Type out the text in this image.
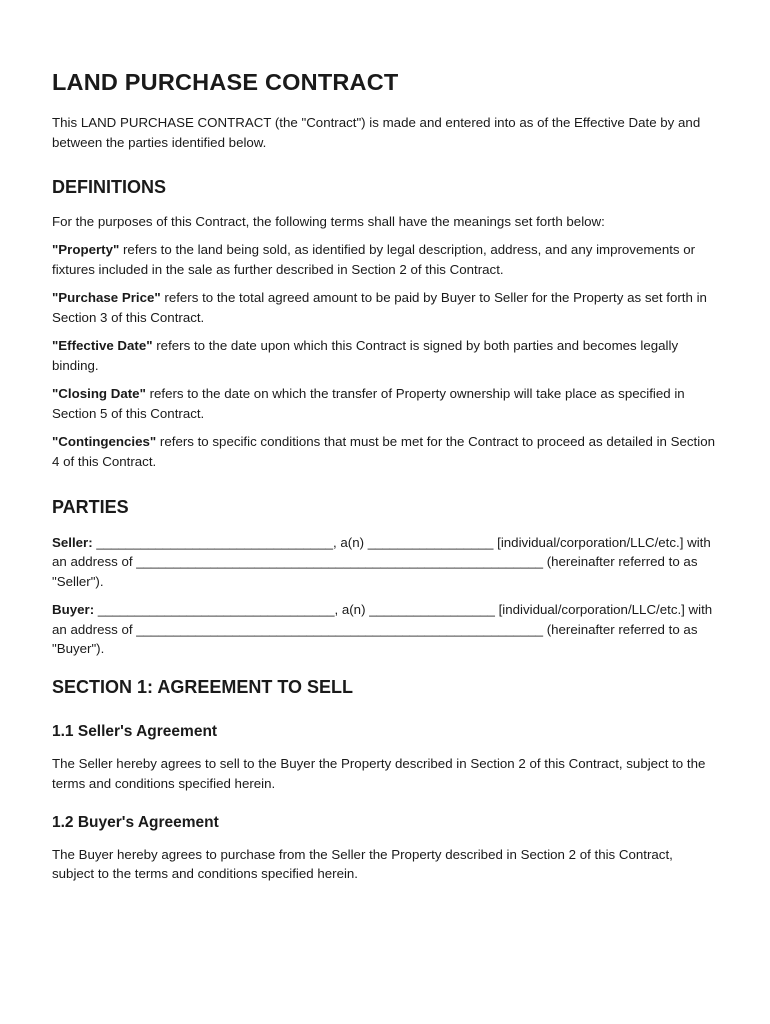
LAND PURCHASE CONTRACT

This LAND PURCHASE CONTRACT (the "Contract") is made and entered into as of the Effective Date by and between the parties identified below.

DEFINITIONS

For the purposes of this Contract, the following terms shall have the meanings set forth below:

"Property" refers to the land being sold, as identified by legal description, address, and any improvements or fixtures included in the sale as further described in Section 2 of this Contract.

"Purchase Price" refers to the total agreed amount to be paid by Buyer to Seller for the Property as set forth in Section 3 of this Contract.

"Effective Date" refers to the date upon which this Contract is signed by both parties and becomes legally binding.

"Closing Date" refers to the date on which the transfer of Property ownership will take place as specified in Section 5 of this Contract.

"Contingencies" refers to specific conditions that must be met for the Contract to proceed as detailed in Section 4 of this Contract.

PARTIES

Seller: ________________________________, a(n) _________________ [individual/corporation/LLC/etc.] with an address of _______________________________________________________ (hereinafter referred to as "Seller").

Buyer: ________________________________, a(n) _________________ [individual/corporation/LLC/etc.] with an address of _______________________________________________________ (hereinafter referred to as "Buyer").

SECTION 1: AGREEMENT TO SELL
1.1 Seller's Agreement

The Seller hereby agrees to sell to the Buyer the Property described in Section 2 of this Contract, subject to the terms and conditions specified herein.

1.2 Buyer's Agreement

The Buyer hereby agrees to purchase from the Seller the Property described in Section 2 of this Contract, subject to the terms and conditions specified herein.
